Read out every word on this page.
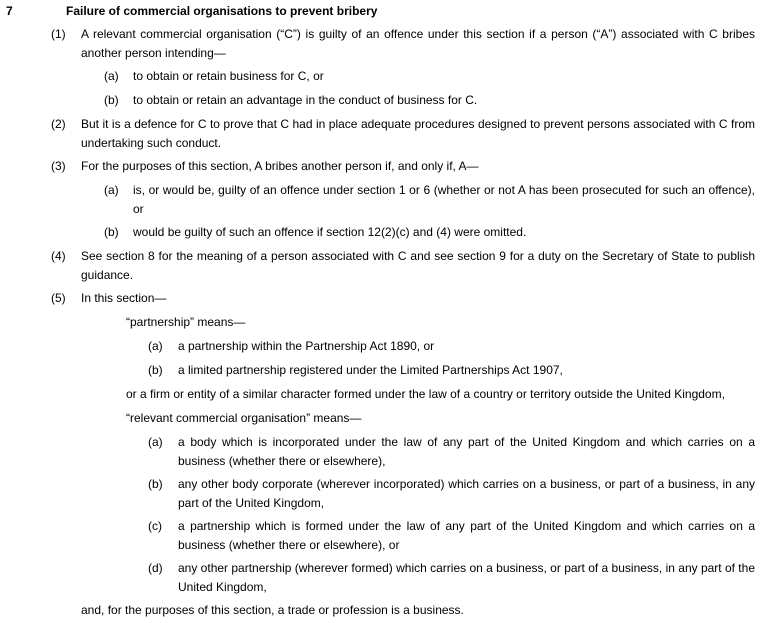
7	Failure of commercial organisations to prevent bribery
(1) A relevant commercial organisation (“C”) is guilty of an offence under this section if a person (“A”) associated with C bribes another person intending—
(a) to obtain or retain business for C, or
(b) to obtain or retain an advantage in the conduct of business for C.
(2) But it is a defence for C to prove that C had in place adequate procedures designed to prevent persons associated with C from undertaking such conduct.
(3) For the purposes of this section, A bribes another person if, and only if, A—
(a) is, or would be, guilty of an offence under section 1 or 6 (whether or not A has been prosecuted for such an offence), or
(b) would be guilty of such an offence if section 12(2)(c) and (4) were omitted.
(4) See section 8 for the meaning of a person associated with C and see section 9 for a duty on the Secretary of State to publish guidance.
(5) In this section—
“partnership” means—
(a) a partnership within the Partnership Act 1890, or
(b) a limited partnership registered under the Limited Partnerships Act 1907,
or a firm or entity of a similar character formed under the law of a country or territory outside the United Kingdom,
“relevant commercial organisation” means—
(a) a body which is incorporated under the law of any part of the United Kingdom and which carries on a business (whether there or elsewhere),
(b) any other body corporate (wherever incorporated) which carries on a business, or part of a business, in any part of the United Kingdom,
(c) a partnership which is formed under the law of any part of the United Kingdom and which carries on a business (whether there or elsewhere), or
(d) any other partnership (wherever formed) which carries on a business, or part of a business, in any part of the United Kingdom,
and, for the purposes of this section, a trade or profession is a business.
